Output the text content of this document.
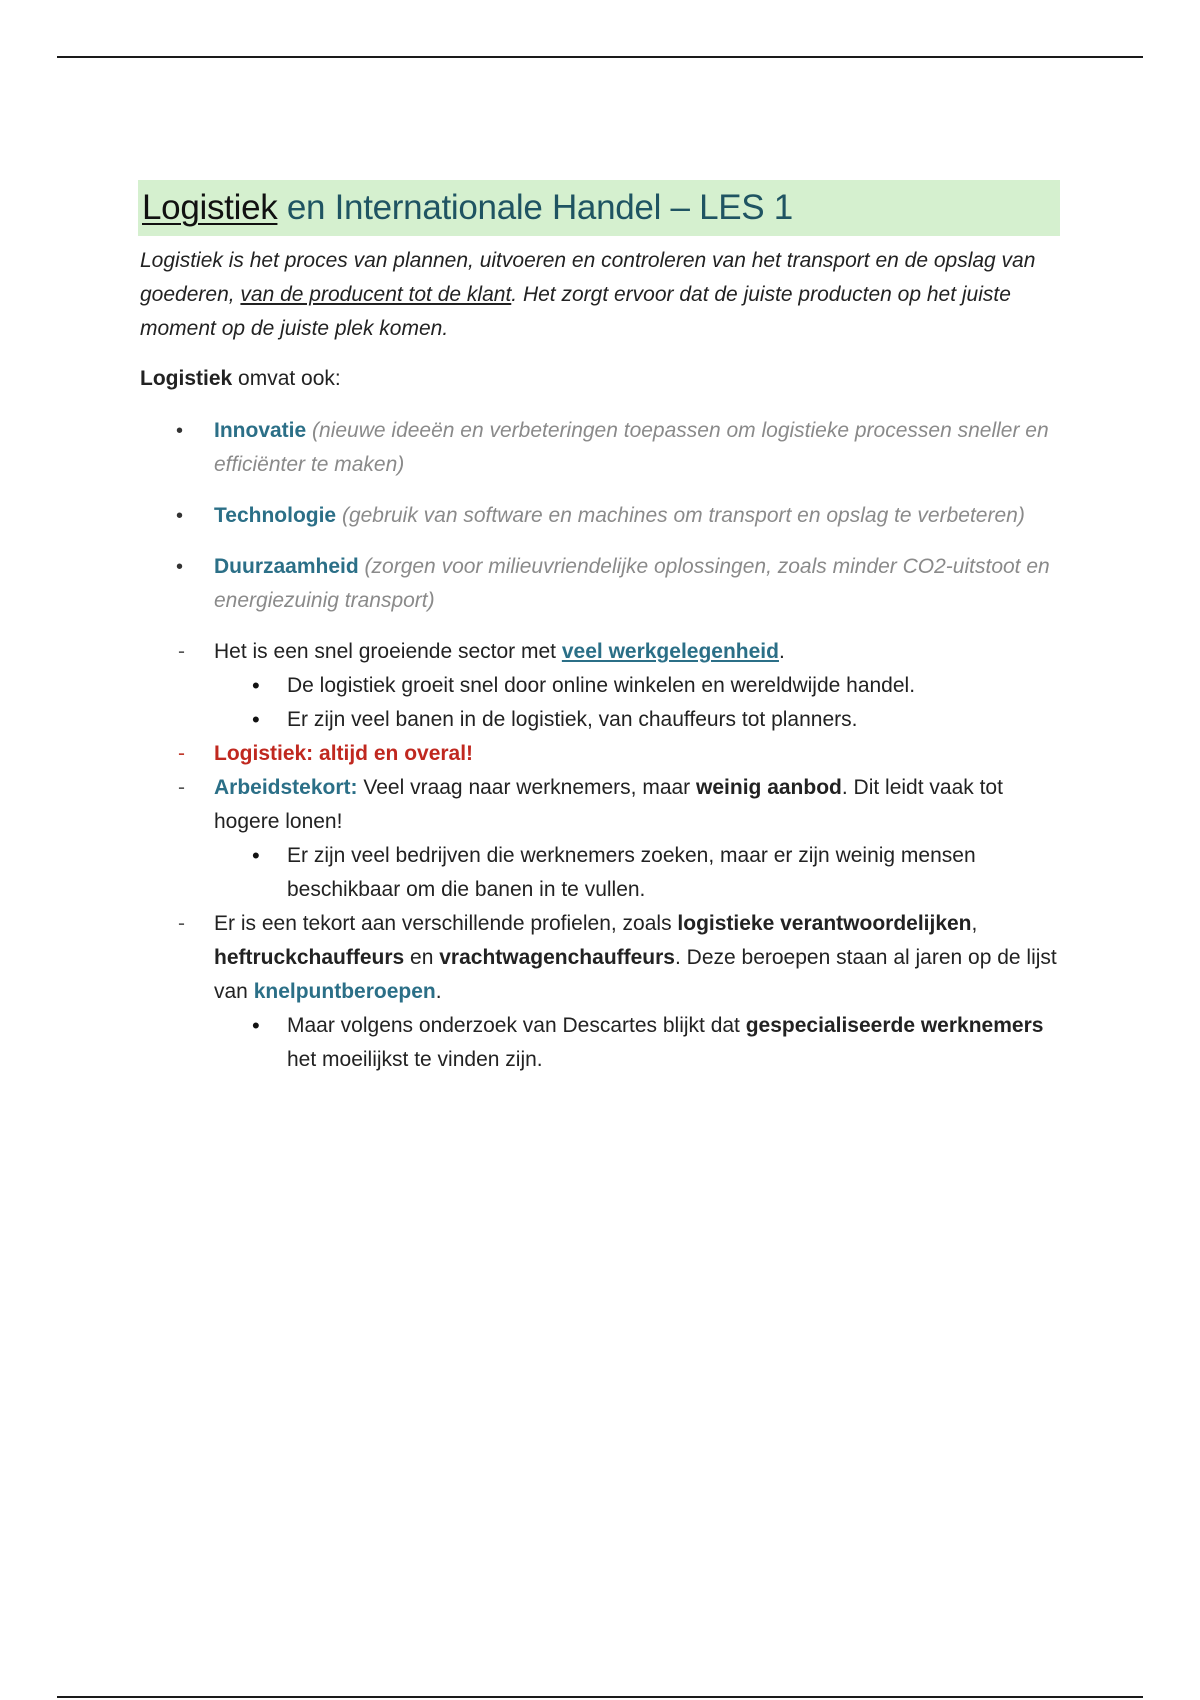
Logistiek en Internationale Handel – LES 1
Logistiek is het proces van plannen, uitvoeren en controleren van het transport en de opslag van goederen, van de producent tot de klant. Het zorgt ervoor dat de juiste producten op het juiste moment op de juiste plek komen.
Logistiek omvat ook:
• Innovatie (nieuwe ideeën en verbeteringen toepassen om logistieke processen sneller en efficiënter te maken)
• Technologie (gebruik van software en machines om transport en opslag te verbeteren)
• Duurzaamheid (zorgen voor milieuvriendelijke oplossingen, zoals minder CO2-uitstoot en energiezuinig transport)
- Het is een snel groeiende sector met veel werkgelegenheid.
• De logistiek groeit snel door online winkelen en wereldwijde handel.
• Er zijn veel banen in de logistiek, van chauffeurs tot planners.
- Logistiek: altijd en overal!
- Arbeidstekort: Veel vraag naar werknemers, maar weinig aanbod. Dit leidt vaak tot hogere lonen!
• Er zijn veel bedrijven die werknemers zoeken, maar er zijn weinig mensen beschikbaar om die banen in te vullen.
- Er is een tekort aan verschillende profielen, zoals logistieke verantwoordelijken, heftruckchauffeurs en vrachtwagenchauffeurs. Deze beroepen staan al jaren op de lijst van knelpuntberoepen.
• Maar volgens onderzoek van Descartes blijkt dat gespecialiseerde werknemers het moeilijkst te vinden zijn.
